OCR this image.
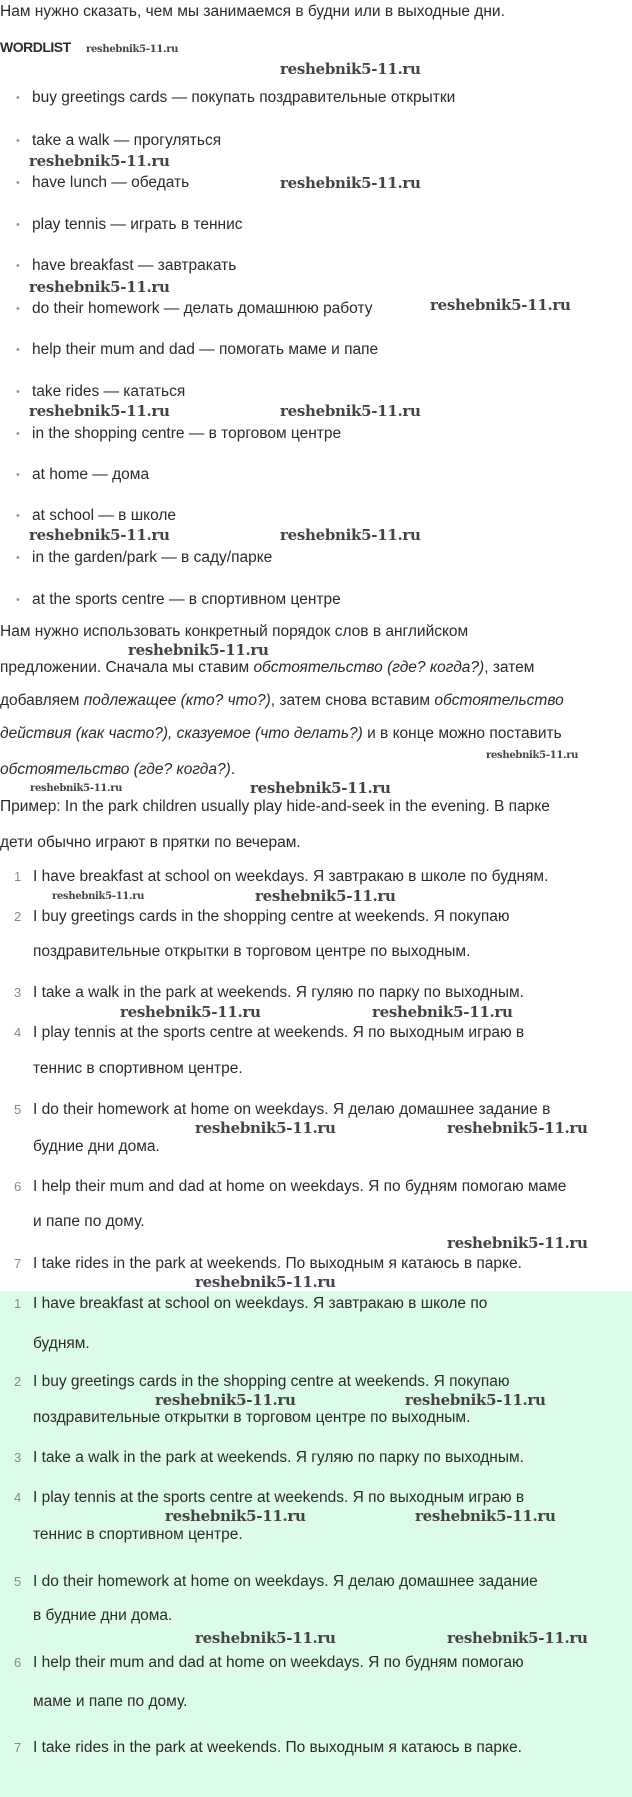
Нам нужно сказать, чем мы занимаемся в будни или в выходные дни.
WORDLIST reshebnik5-11.ru
reshebnik5-11.ru
• buy greetings cards — покупать поздравительные открытки
• take a walk — прогуляться
reshebnik5-11.ru
• have lunch — обедать	reshebnik5-11.ru
• play tennis — играть в теннис
• have breakfast — завтракать
reshebnik5-11.ru
• do their homework — делать домашнюю работу	reshebnik5-11.ru
• help their mum and dad — помогать маме и папе
• take rides — кататься
reshebnik5-11.ru	reshebnik5-11.ru
• in the shopping centre — в торговом центре
• at home — дома
• at school — в школе
reshebnik5-11.ru	reshebnik5-11.ru
• in the garden/park — в саду/парке
• at the sports centre — в спортивном центре
Нам нужно использовать конкретный порядок слов в английском
reshebnik5-11.ru
предложении. Сначала мы ставим обстоятельство (где? когда?), затем
добавляем подлежащее (кто? что?), затем снова вставим обстоятельство
действия (как часто?), сказуемое (что делать?) и в конце можно поставить
reshebnik5-11.ru
обстоятельство (где? когда?).
reshebnik5-11.ru
reshebnik5-11.ru
Пример: In the park children usually play hide-and-seek in the evening. В парке
дети обычно играют в прятки по вечерам.
1 I have breakfast at school on weekdays. Я завтракаю в школе по будням.
reshebnik5-11.ru	reshebnik5-11.ru
2 I buy greetings cards in the shopping centre at weekends. Я покупаю
поздравительные открытки в торговом центре по выходным.
3 I take a walk in the park at weekends. Я гуляю по парку по выходным.
reshebnik5-11.ru	reshebnik5-11.ru
4 I play tennis at the sports centre at weekends. Я по выходным играю в
теннис в спортивном центре.
5 I do their homework at home on weekdays. Я делаю домашнее задание в
reshebnik5-11.ru	reshebnik5-11.ru
будние дни дома.
6 I help their mum and dad at home on weekdays. Я по будням помогаю маме
и папе по дому.
reshebnik5-11.ru
7 I take rides in the park at weekends. По выходным я катаюсь в парке.
reshebnik5-11.ru
1 I have breakfast at school on weekdays. Я завтракаю в школе по
будням.
2 I buy greetings cards in the shopping centre at weekends. Я покупаю
reshebnik5-11.ru	reshebnik5-11.ru
поздравительные открытки в торговом центре по выходным.
3 I take a walk in the park at weekends. Я гуляю по парку по выходным.
4 I play tennis at the sports centre at weekends. Я по выходным играю в
reshebnik5-11.ru	reshebnik5-11.ru
теннис в спортивном центре.
5 I do their homework at home on weekdays. Я делаю домашнее задание
в будние дни дома.
reshebnik5-11.ru	reshebnik5-11.ru
6 I help their mum and dad at home on weekdays. Я по будням помогаю
маме и папе по дому.
7 I take rides in the park at weekends. По выходным я катаюсь в парке.
